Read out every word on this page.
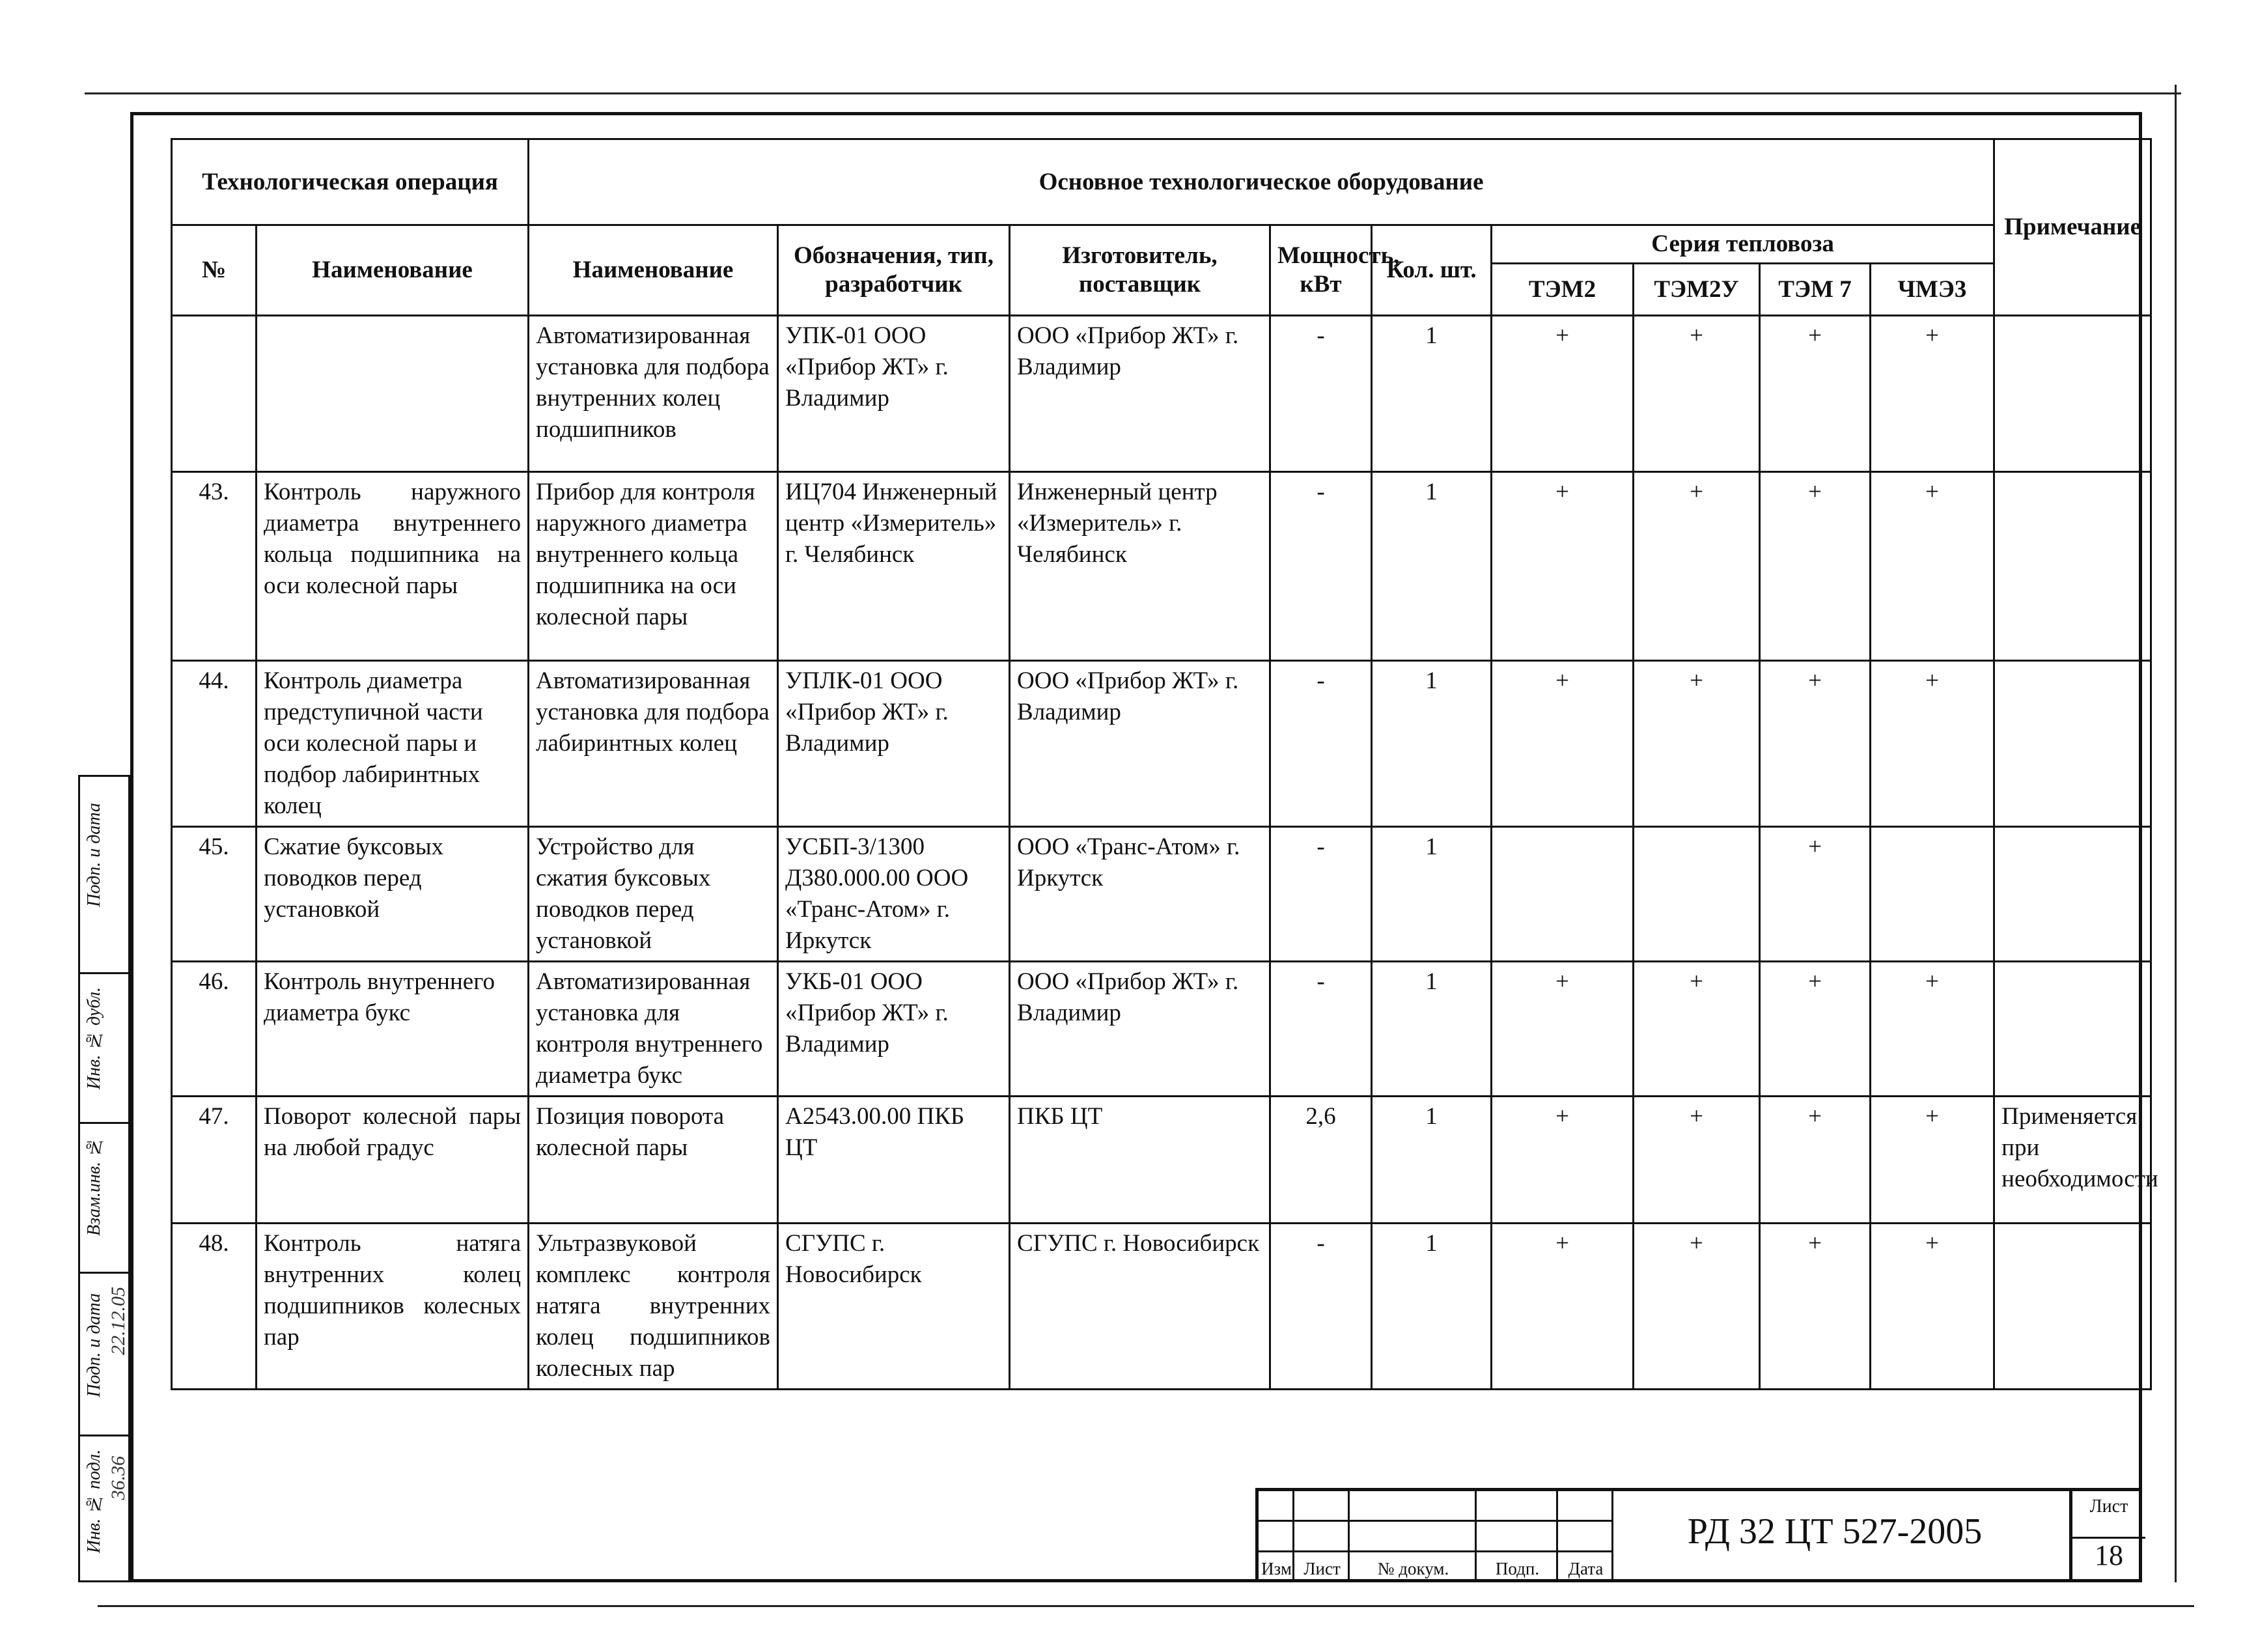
Технологическая операция		Основное технологическое оборудование									Примечание
№	Наименование	Наименование	Обозначения, тип, разработчик	Изготовитель, поставщик	Мощность, кВт	Кол. шт.	Серия тепловоза				
							ТЭМ2	ТЭМ2У	ТЭМ 7	ЧМЭ3	
		Автоматизированная установка для подбора внутренних колец подшипников	УПК-01 ООО «Прибор ЖТ» г. Владимир	ООО «Прибор ЖТ» г. Владимир	-	1	+	+	+	+	
43.	Контроль наружного диаметра внутреннего кольца подшипника на оси колесной пары	Прибор для контроля наружного диаметра внутреннего кольца подшипника на оси колесной пары	ИЦ704 Инженерный центр «Измеритель» г. Челябинск	Инженерный центр «Измеритель» г. Челябинск	-	1	+	+	+	+	
44.	Контроль диаметра предступичной части оси колесной пары и подбор лабиринтных колец	Автоматизированная установка для подбора лабиринтных колец	УПЛК-01 ООО «Прибор ЖТ» г. Владимир	ООО «Прибор ЖТ» г. Владимир	-	1	+	+	+	+	
45.	Сжатие буксовых поводков перед установкой	Устройство для сжатия буксовых поводков перед установкой	УСБП-3/1300 Д380.000.00 ООО «Транс-Атом» г. Иркутск	ООО «Транс-Атом» г. Иркутск	-	1			+		
46.	Контроль внутреннего диаметра букс	Автоматизированная установка для контроля внутреннего диаметра букс	УКБ-01 ООО «Прибор ЖТ» г. Владимир	ООО «Прибор ЖТ» г. Владимир	-	1	+	+	+	+	
47.	Поворот колесной пары на любой градус	Позиция поворота колесной пары	А2543.00.00 ПКБ ЦТ	ПКБ ЦТ	2,6	1	+	+	+	+	Применяется при необходимости
48.	Контроль натяга внутренних колец подшипников колесных пар	Ультразвуковой комплекс контроля натяга внутренних колец подшипников колесных пар	СГУПС г. Новосибирск	СГУПС г. Новосибирск	-	1	+	+	+	+	
Подп. и дата
Инв. № дубл.
Взам.инв. №
Подп. и дата 22.12.05
Инв. № подл. 36.36
Изм Лист	№ докум.	Подп.	Дата
РД 32 ЦТ 527-2005
Лист
18
